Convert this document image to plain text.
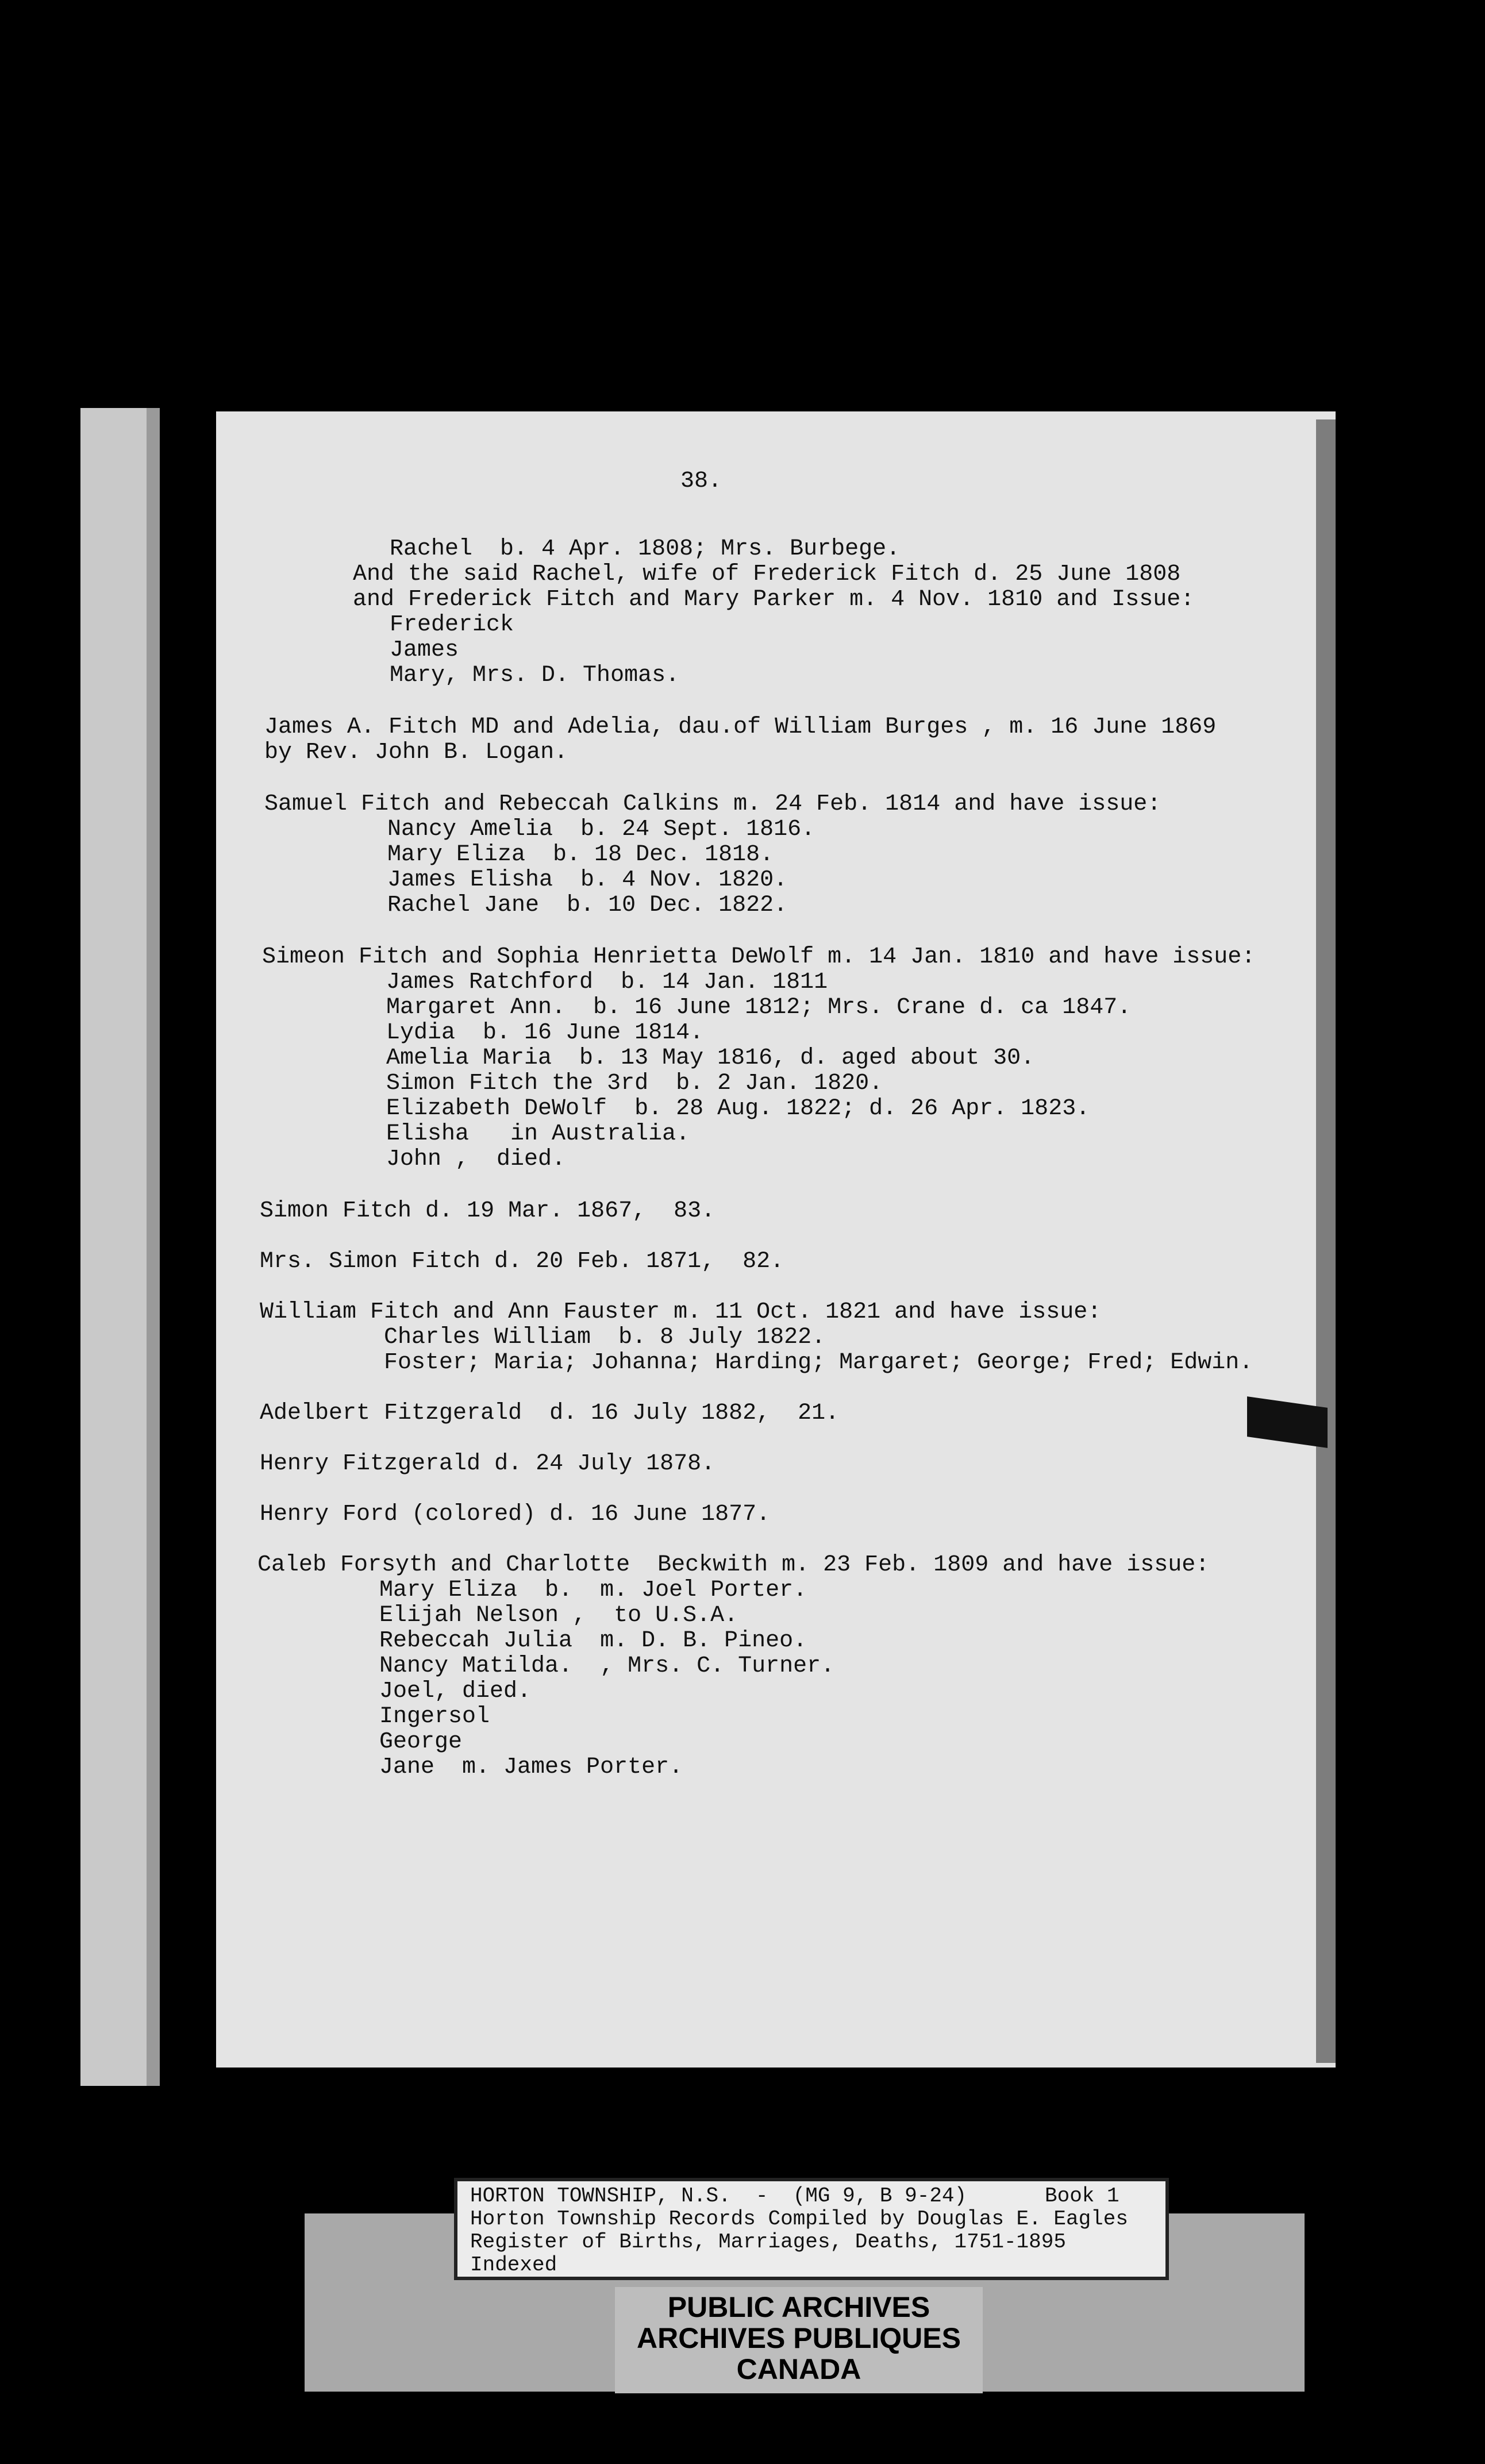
38.
Rachel  b. 4 Apr. 1808; Mrs. Burbege.
And the said Rachel, wife of Frederick Fitch d. 25 June 1808
and Frederick Fitch and Mary Parker m. 4 Nov. 1810 and Issue:
Frederick
James
Mary, Mrs. D. Thomas.
James A. Fitch MD and Adelia, dau.of William Burges , m. 16 June 1869
by Rev. John B. Logan.
Samuel Fitch and Rebeccah Calkins m. 24 Feb. 1814 and have issue:
Nancy Amelia  b. 24 Sept. 1816.
Mary Eliza  b. 18 Dec. 1818.
James Elisha  b. 4 Nov. 1820.
Rachel Jane  b. 10 Dec. 1822.
Simeon Fitch and Sophia Henrietta DeWolf m. 14 Jan. 1810 and have issue:
James Ratchford  b. 14 Jan. 1811
Margaret Ann.  b. 16 June 1812; Mrs. Crane d. ca 1847.
Lydia  b. 16 June 1814.
Amelia Maria  b. 13 May 1816, d. aged about 30.
Simon Fitch the 3rd  b. 2 Jan. 1820.
Elizabeth DeWolf  b. 28 Aug. 1822; d. 26 Apr. 1823.
Elisha   in Australia.
John ,  died.
Simon Fitch d. 19 Mar. 1867,  83.
Mrs. Simon Fitch d. 20 Feb. 1871,  82.
William Fitch and Ann Fauster m. 11 Oct. 1821 and have issue:
Charles William  b. 8 July 1822.
Foster; Maria; Johanna; Harding; Margaret; George; Fred; Edwin.
Adelbert Fitzgerald  d. 16 July 1882,  21.
Henry Fitzgerald d. 24 July 1878.
Henry Ford (colored) d. 16 June 1877.
Caleb Forsyth and Charlotte  Beckwith m. 23 Feb. 1809 and have issue:
Mary Eliza  b.  m. Joel Porter.
Elijah Nelson ,  to U.S.A.
Rebeccah Julia  m. D. B. Pineo.
Nancy Matilda.  , Mrs. C. Turner.
Joel, died.
Ingersol
George
Jane  m. James Porter.
PUBLIC ARCHIVES
ARCHIVES PUBLIQUES
CANADA
HORTON TOWNSHIP, N.S.  -  (MG 9, B 9-24)	Book 1
Horton Township Records Compiled by Douglas E. Eagles
Register of Births, Marriages, Deaths, 1751-1895
Indexed
